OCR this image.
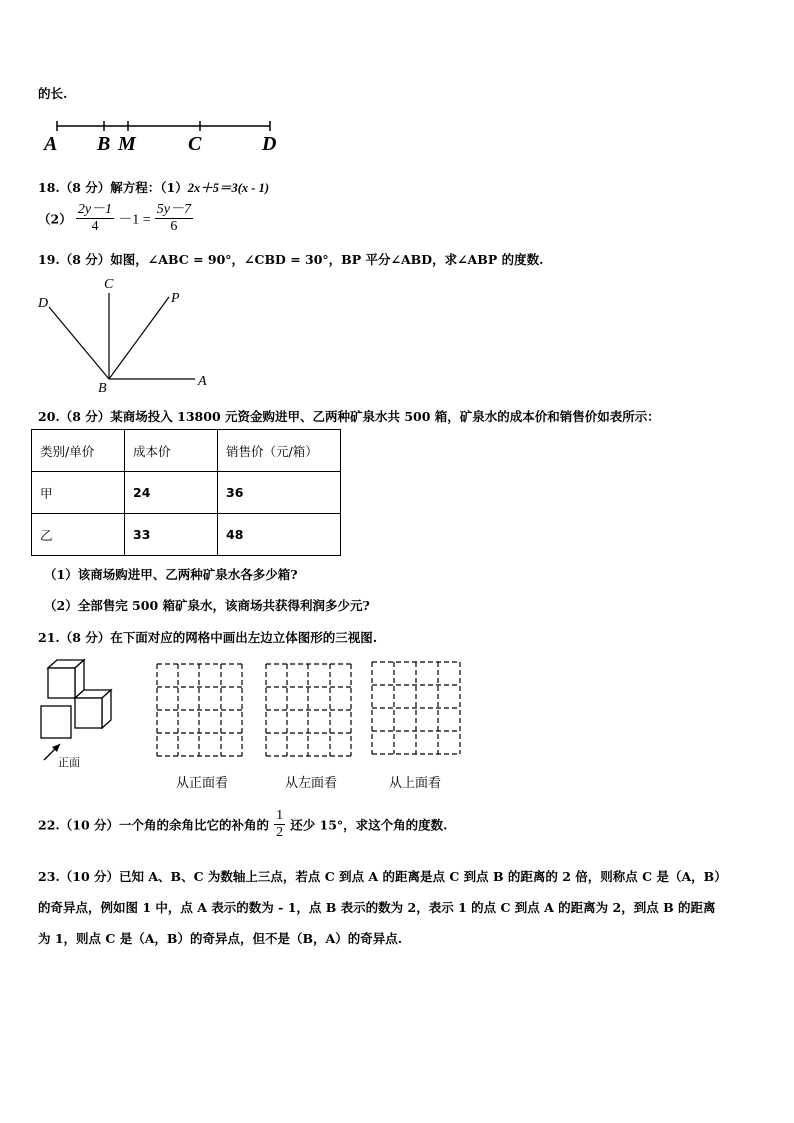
的长.
A B M	C	D
18.（8 分）解方程：（1）2x＋5＝3(x - 1)
$(2) \frac{2y-1}{4} -1 = \frac{5y-7}{6}$
19.（8 分）如图，∠ABC = 90°，∠CBD = 30°，BP 平分∠ABD，求∠ABP 的度数.
D
C
P
B	A
20.（8 分）某商场投入 13800 元资金购进甲、乙两种矿泉水共 500 箱，矿泉水的成本价和销售价如表所示：
类别/单价	成本价	销售价（元/箱）
甲	24	36
乙	33	48
（1）该商场购进甲、乙两种矿泉水各多少箱?
（2）全部售完 500 箱矿泉水，该商场共获得利润多少元?
21.（8 分）在下面对应的网格中画出左边立体图形的三视图.
正面
从正面看	从左面看	从上面看
22.（10 分）一个角的余角比它的补角的 $\frac{1}{2}$ 还少 15°，求这个角的度数.
23.（10 分）已知 A、B、C 为数轴上三点，若点 C 到点 A 的距离是点 C 到点 B 的距离的 2 倍，则称点 C 是（A，B）
的奇异点，例如图 1 中，点 A 表示的数为 - 1，点 B 表示的数为 2，表示 1 的点 C 到点 A 的距离为 2，到点 B 的距离
为 1，则点 C 是（A，B）的奇异点，但不是（B，A）的奇异点.
